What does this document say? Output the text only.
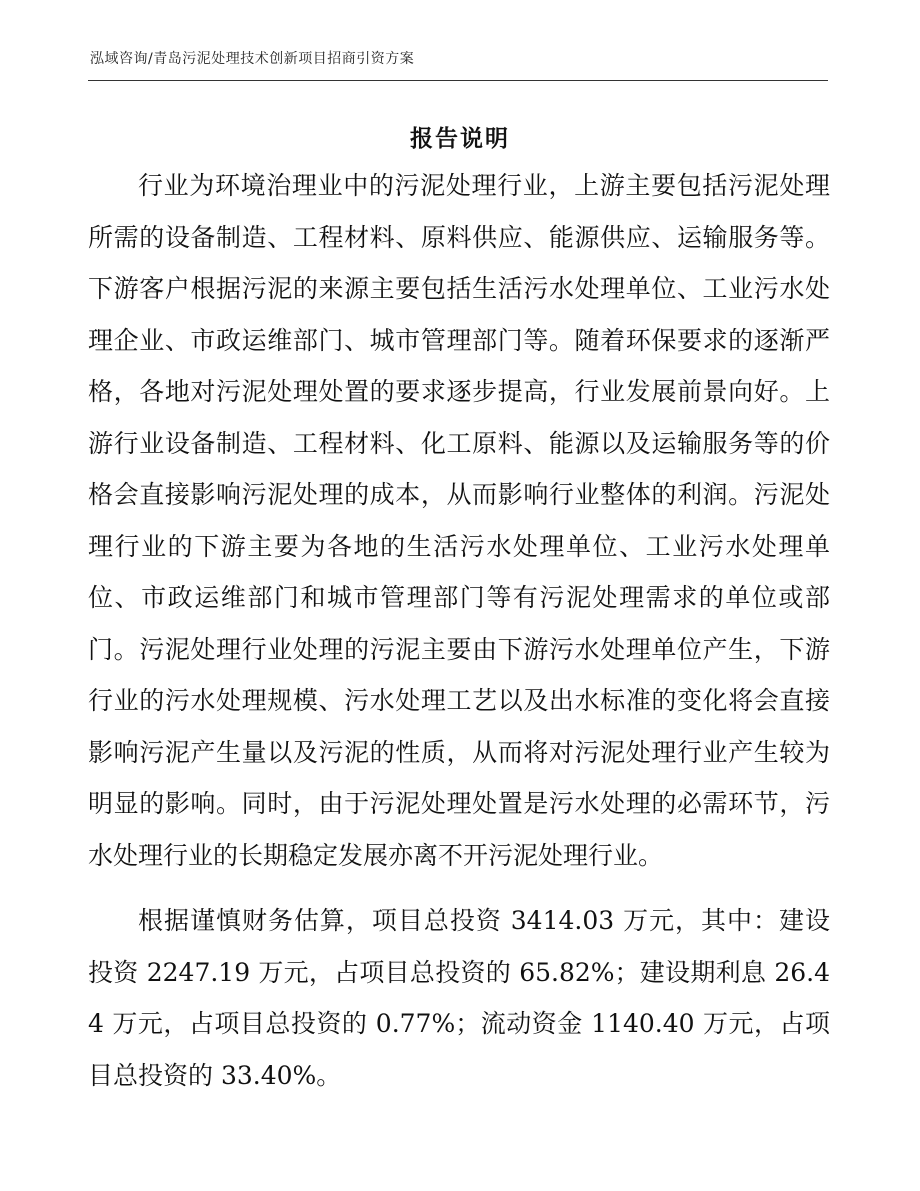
泓域咨询/青岛污泥处理技术创新项目招商引资方案
报告说明

行业为环境治理业中的污泥处理行业，上游主要包括污泥处理所需的设备制造、工程材料、原料供应、能源供应、运输服务等。下游客户根据污泥的来源主要包括生活污水处理单位、工业污水处理企业、市政运维部门、城市管理部门等。随着环保要求的逐渐严格，各地对污泥处理处置的要求逐步提高，行业发展前景向好。上游行业设备制造、工程材料、化工原料、能源以及运输服务等的价格会直接影响污泥处理的成本，从而影响行业整体的利润。污泥处理行业的下游主要为各地的生活污水处理单位、工业污水处理单位、市政运维部门和城市管理部门等有污泥处理需求的单位或部门。污泥处理行业处理的污泥主要由下游污水处理单位产生，下游行业的污水处理规模、污水处理工艺以及出水标准的变化将会直接影响污泥产生量以及污泥的性质，从而将对污泥处理行业产生较为明显的影响。同时，由于污泥处理处置是污水处理的必需环节，污水处理行业的长期稳定发展亦离不开污泥处理行业。

根据谨慎财务估算，项目总投资 3414.03 万元，其中：建设投资 2247.19 万元，占项目总投资的 65.82%；建设期利息 26.44 万元，占项目总投资的 0.77%；流动资金 1140.40 万元，占项目总投资的 33.40%。
